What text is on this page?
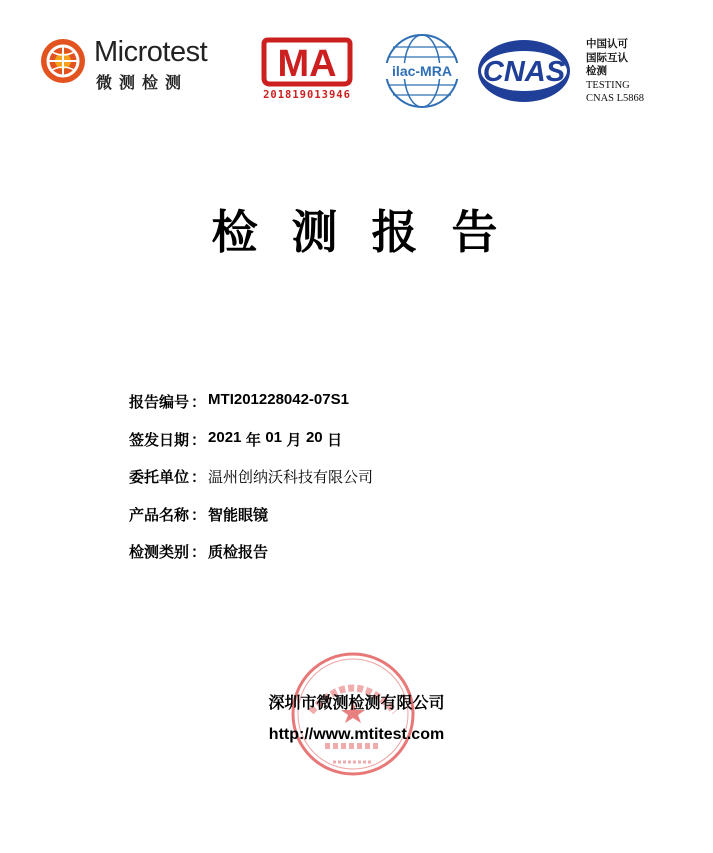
Microtest
微测检测 MA
201819013946
ilac-MRA CNAS
中国认可
国际互认
检测
TESTING
CNAS L5868
检测报告
报告编号 ： MTI201228042-07S1
签发日期 ： 2021
年
01
月
20
日
委托单位 ： 温州创纳沃科技有限公司
产品名称 ： 智能眼镜
检测类别 ： 质检报告
深圳市微测检测有限公司
http://www.mtitest.com
